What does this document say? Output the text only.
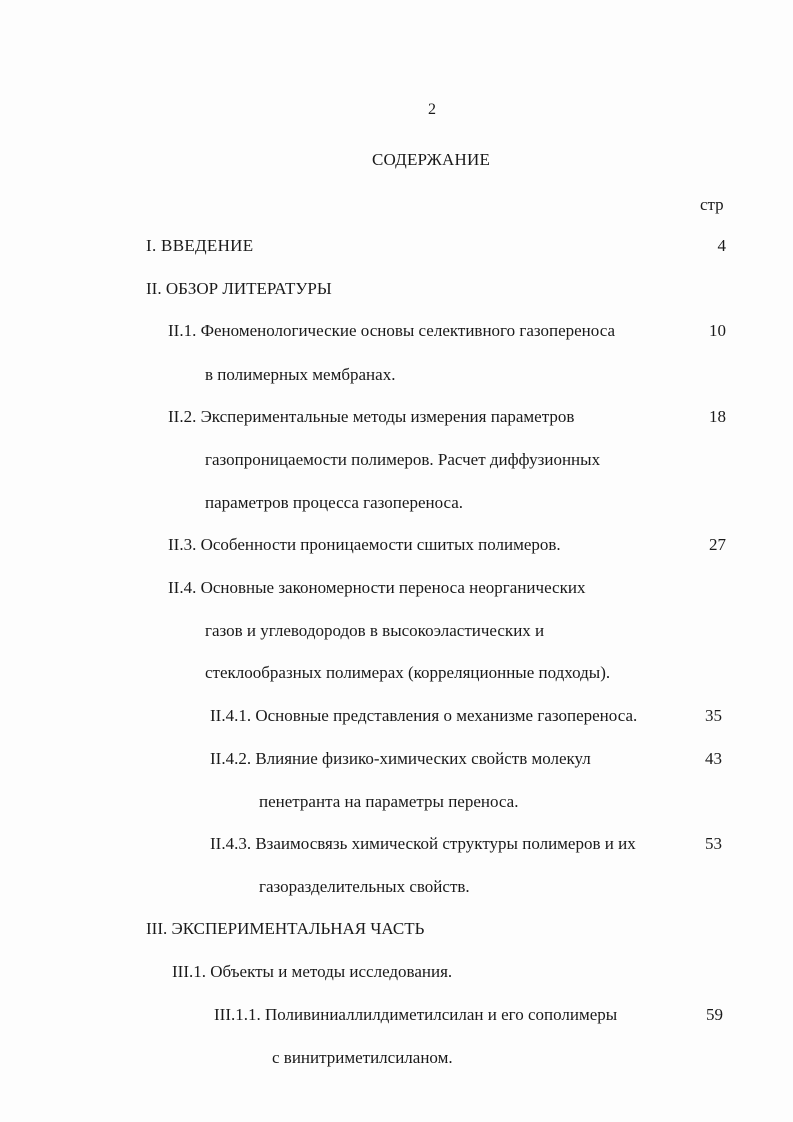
2
СОДЕРЖАНИЕ
стр
I. ВВЕДЕНИЕ	4
II. ОБЗОР ЛИТЕРАТУРЫ
II.1. Феноменологические основы селективного газопереноса	10
в полимерных мембранах.
II.2. Экспериментальные методы измерения параметров	18
газопроницаемости полимеров. Расчет диффузионных
параметров процесса газопереноса.
II.3. Особенности проницаемости сшитых полимеров.	27
II.4. Основные закономерности переноса неорганических
газов и углеводородов в высокоэластических и
стеклообразных полимерах (корреляционные подходы).
II.4.1. Основные представления о механизме газопереноса.	35
II.4.2. Влияние физико-химических свойств молекул	43
пенетранта на параметры переноса.
II.4.3. Взаимосвязь химической структуры полимеров и их	53
газоразделительных свойств.
III. ЭКСПЕРИМЕНТАЛЬНАЯ ЧАСТЬ
III.1. Объекты и методы исследования.
III.1.1. Поливиниаллилдиметилсилан и его сополимеры	59
с винитриметилсиланом.
